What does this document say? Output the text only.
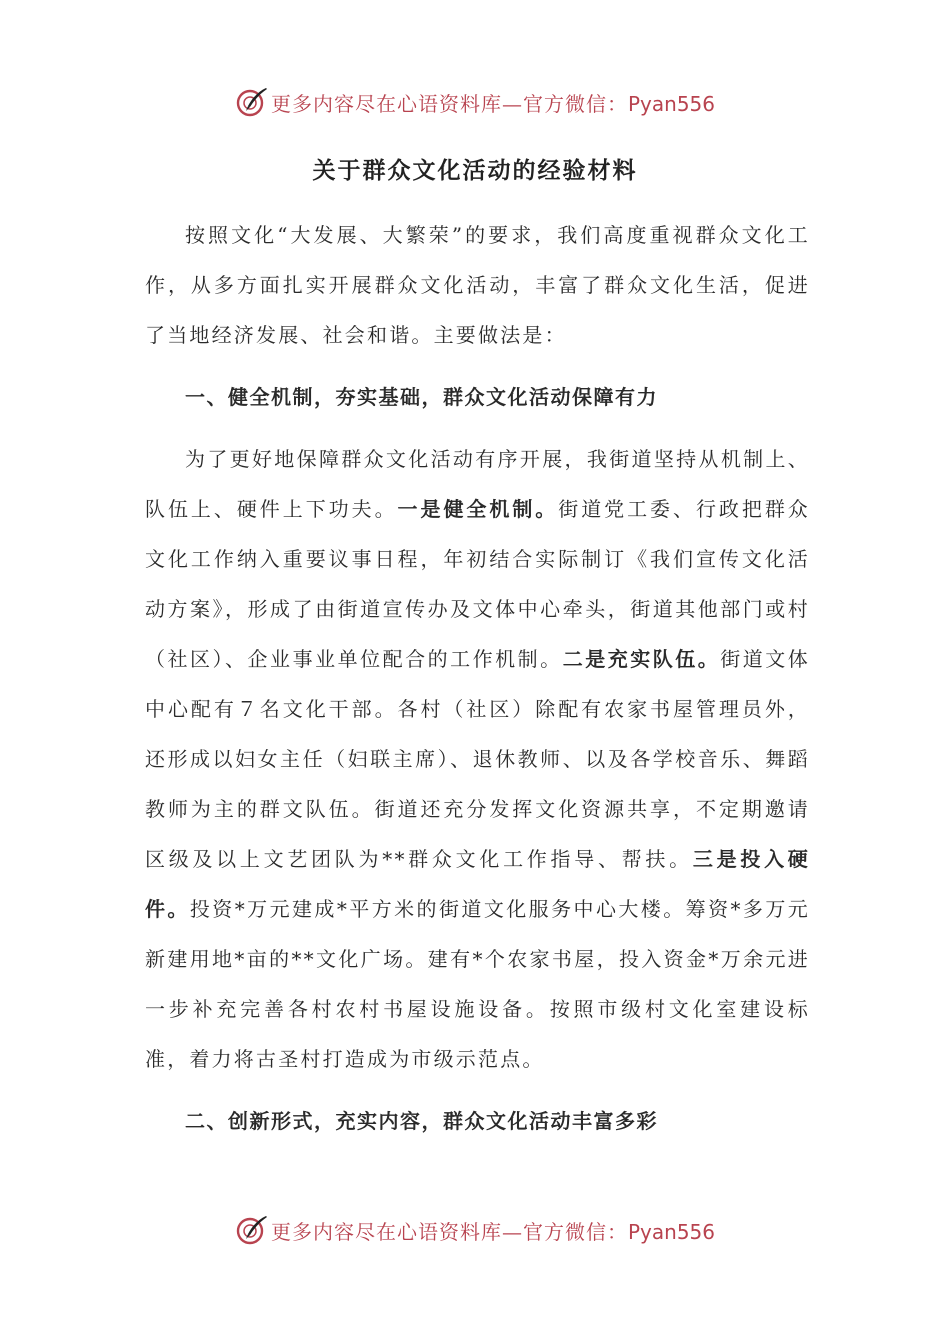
更多内容尽在心语资料库—官方微信：Pyan556
关于群众文化活动的经验材料

按照文化“大发展、大繁荣”的要求，我们高度重视群众文化工作，从多方面扎实开展群众文化活动，丰富了群众文化生活，促进了当地经济发展、社会和谐。主要做法是：

一、健全机制，夯实基础，群众文化活动保障有力

为了更好地保障群众文化活动有序开展，我街道坚持从机制上、队伍上、硬件上下功夫。一是健全机制。街道党工委、行政把群众文化工作纳入重要议事日程，年初结合实际制订《我们宣传文化活动方案》，形成了由街道宣传办及文体中心牵头，街道其他部门或村（社区）、企业事业单位配合的工作机制。二是充实队伍。街道文体中心配有７名文化干部。各村（社区）除配有农家书屋管理员外，还形成以妇女主任（妇联主席）、退休教师、以及各学校音乐、舞蹈教师为主的群文队伍。街道还充分发挥文化资源共享，不定期邀请区级及以上文艺团队为**群众文化工作指导、帮扶。三是投入硬件。投资*万元建成*平方米的街道文化服务中心大楼。筹资*多万元新建用地*亩的**文化广场。建有*个农家书屋，投入资金*万余元进一步补充完善各村农村书屋设施设备。按照市级村文化室建设标准，着力将古圣村打造成为市级示范点。

二、创新形式，充实内容，群众文化活动丰富多彩

更多内容尽在心语资料库—官方微信：Pyan556
